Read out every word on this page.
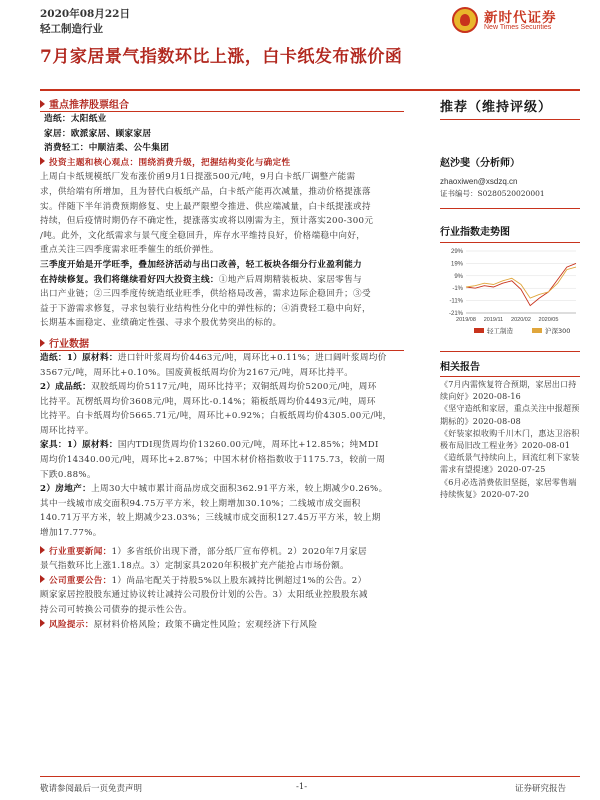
2020年08月22日
轻工制造行业
7月家居景气指数环比上涨，白卡纸发布涨价函
新时代证券
New Times Securities
重点推荐股票组合
造纸：太阳纸业
家居：欧派家居、顾家家居
消费轻工：中顺洁柔、公牛集团
投资主题和核心观点：围绕消费升级，把握结构变化与确定性
上周白卡纸规模纸厂发布涨价函9月1日提涨500元/吨，9月白卡纸厂调整产能需
求，供给端有所增加，且为替代白板纸产品，白卡纸产能再次减量，推动价格提涨落
实。伴随下半年消费预期修复、史上最严限塑令推进、供应端减量，白卡纸提涨或持
持续，但后疫情时期仍存不确定性，提涨落实或将以刚需为主，预计落实200-300元
/吨。此外，文化纸需求与景气度全稳回升，库存水平维持良好，价格端稳中向好，
重点关注三四季度需求旺季催生的纸价弹性。
三季度开始是开学旺季，叠加经济活动与出口改善，轻工板块各细分行业盈利能力
在持续修复。我们将继续看好四大投资主线：①地产后周期精装板块、家居零售与
出口产业链；②三四季度传统造纸业旺季，供给格局改善，需求边际企稳回升；③受
益于下游需求修复，寻求包装行业结构性分化中的弹性标的；④消费轻工稳中向好，
长期基本面稳定、业绩确定性强、寻求个股优势突出的标的。
行业数据
造纸：1）原材料：进口针叶浆周均价4463元/吨，周环比+0.11%；进口阔叶浆周均价
3567元/吨，周环比+0.10%。国废黄板纸周均价为2167元/吨，周环比持平。
2）成品纸：双胶纸周均价5117元/吨，周环比持平；双铜纸周均价5200元/吨，周环
比持平。瓦楞纸周均价3608元/吨，周环比-0.14%；箱板纸周均价4493元/吨，周环
比持平。白卡纸周均价5665.71元/吨，周环比+0.92%；白板纸周均价4305.00元/吨，
周环比持平。
家具：1）原材料：国内TDI现货周均价13260.00元/吨，周环比+12.85%；纯MDI
周均价14340.00元/吨，周环比+2.87%；中国木材价格指数收于1175.73，较前一周
下跌0.88%。
2）房地产：上周30大中城市累计商品房成交面积362.91平方米，较上期减少0.26%。
其中一线城市成交面积94.75万平方米，较上期增加30.10%；二线城市成交面积
140.71万平方米，较上期减少23.03%；三线城市成交面积127.45万平方米，较上期
增加17.77%。
行业重要新闻：1）多省纸价出现下滑，部分纸厂宣布停机。2）2020年7月家居
景气指数环比上涨1.18点。3）定制家具2020年积极扩充产能抢占市场份额。
公司重要公告：1）尚品宅配关于持股5%以上股东减持比例超过1%的公告。2）
顾家家居控股股东通过协议转让减持公司股份计划的公告。3）太阳纸业控股股东减
持公司可转换公司债券的提示性公告。
风险提示：原材料价格风险；政策不确定性风险；宏观经济下行风险
推荐（维持评级）
赵沙斐（分析师）
zhaoxiwen@xsdzq.cn
证书编号：S0280520020001
行业指数走势图
29%
19%
9%
-1%
-11%
-21%
2019/08 2019/11 2020/02 2020/05
轻工制造	沪深300
相关报告
《7月内需恢复符合预期，家居出口持续向好》2020-08-16
《坚守造纸和家居，重点关注中报超预期标的》2020-08-08
《好装家拟收购千川木门，惠达卫浴积极布局旧改工程业务》2020-08-01
《造纸景气持续向上，回流红利下家装需求有望提速》2020-07-25
《6月必选消费依旧坚挺，家居零售端持续恢复》2020-07-20
敬请参阅最后一页免责声明	-1-	证券研究报告
